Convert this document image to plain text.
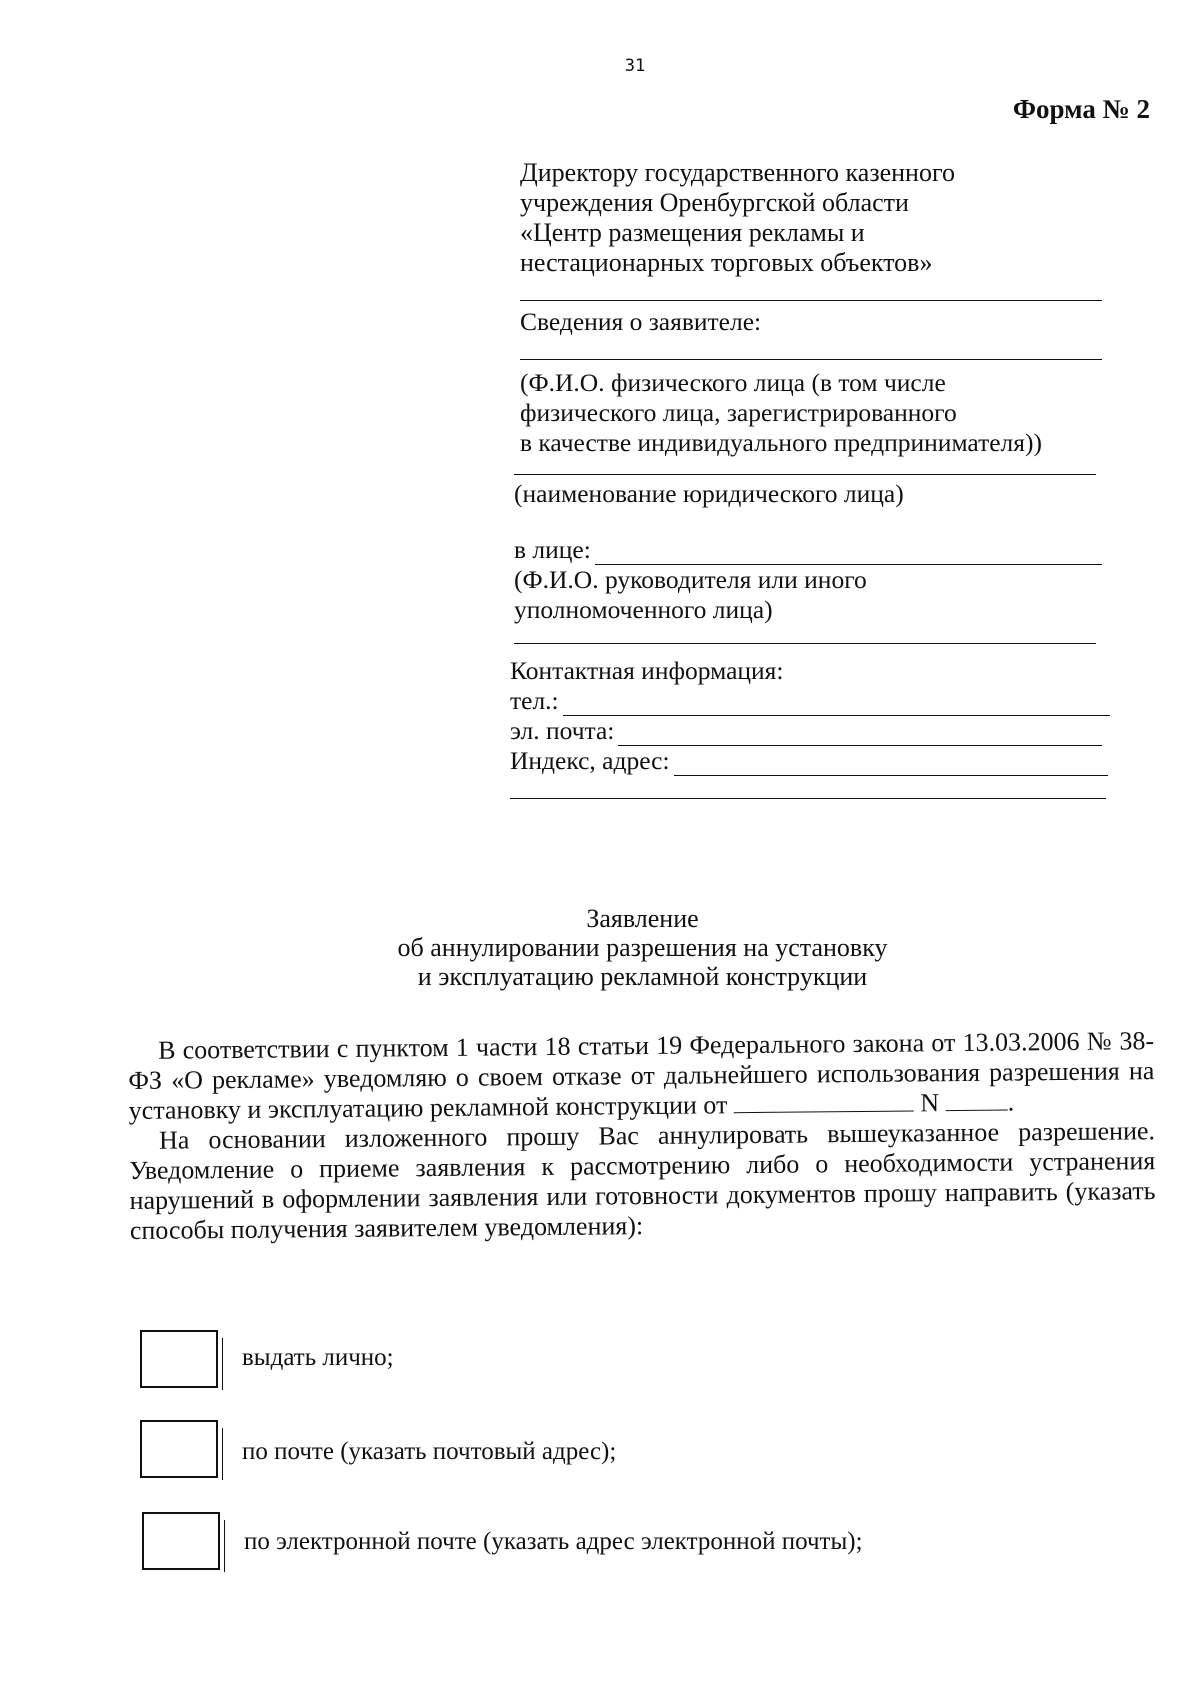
31
Форма № 2
Директору государственного казенного
учреждения Оренбургской области
«Центр размещения рекламы и
нестационарных торговых объектов»
Сведения о заявителе:
(Ф.И.О. физического лица (в том числе
физического лица, зарегистрированного
в качестве индивидуального предпринимателя))
(наименование юридического лица)
в лице:
(Ф.И.О. руководителя или иного
уполномоченного лица)
Контактная информация:
тел.:
эл. почта:
Индекс, адрес:
Заявление
об аннулировании разрешения на установку
и эксплуатацию рекламной конструкции

В соответствии с пунктом 1 части 18 статьи 19 Федерального закона от 13.03.2006 № 38-ФЗ «О рекламе» уведомляю о своем отказе от дальнейшего использования разрешения на установку и эксплуатацию рекламной конструкции от	N	.

На основании изложенного прошу Вас аннулировать вышеуказанное разрешение. Уведомление о приеме заявления к рассмотрению либо о необходимости устранения нарушений в оформлении заявления или готовности документов прошу направить (указать способы получения заявителем уведомления):

выдать лично;
по почте (указать почтовый адрес);
по электронной почте (указать адрес электронной почты);
